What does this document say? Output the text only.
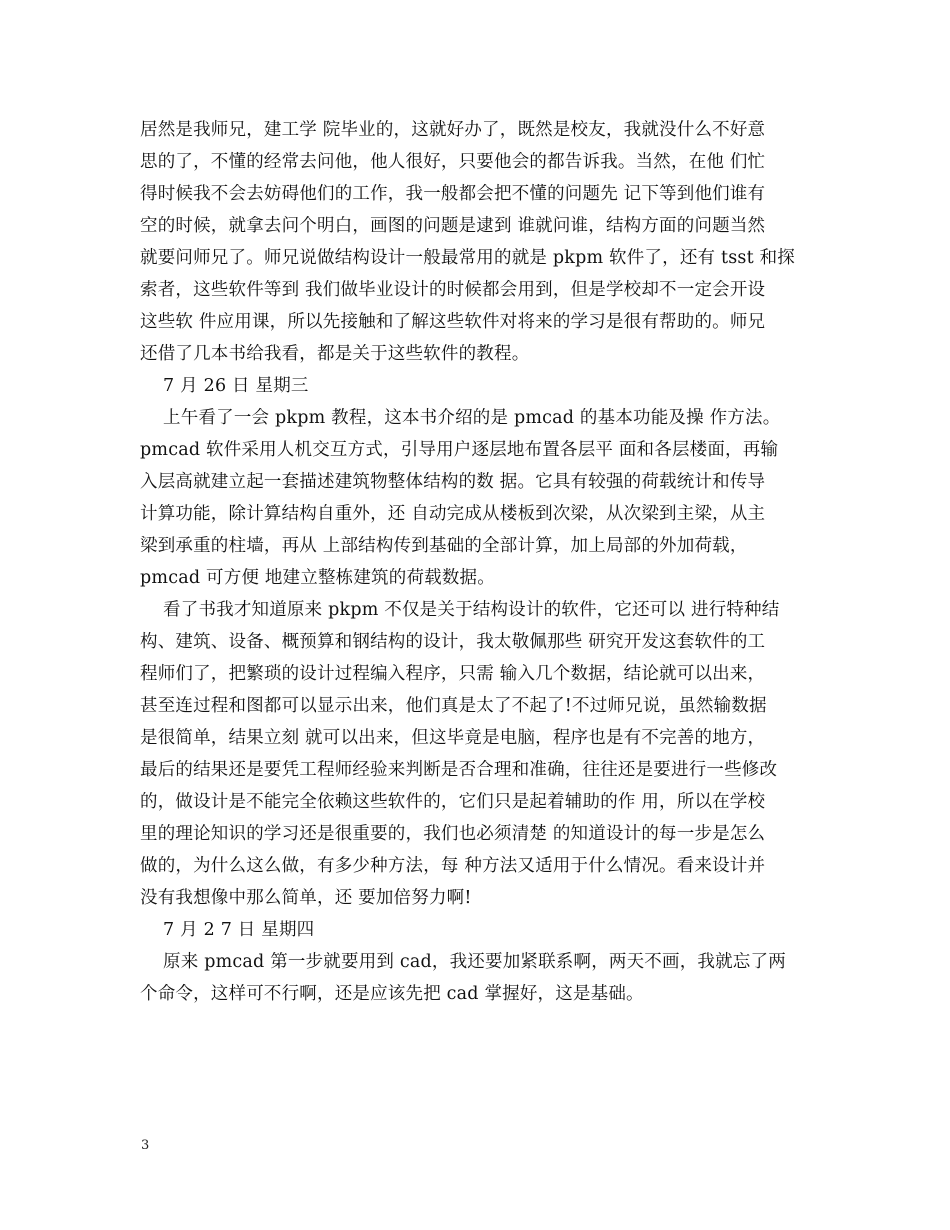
居然是我师兄，建工学 院毕业的，这就好办了，既然是校友，我就没什么不好意
思的了，不懂的经常去问他，他人很好，只要他会的都告诉我。当然，在他 们忙
得时候我不会去妨碍他们的工作，我一般都会把不懂的问题先 记下等到他们谁有
空的时候，就拿去问个明白，画图的问题是逮到 谁就问谁，结构方面的问题当然
就要问师兄了。师兄说做结构设计一般最常用的就是 pkpm 软件了，还有 tsst 和探
索者，这些软件等到 我们做毕业设计的时候都会用到，但是学校却不一定会开设
这些软 件应用课，所以先接触和了解这些软件对将来的学习是很有帮助的。师兄
还借了几本书给我看，都是关于这些软件的教程。
7 月 26 日 星期三
上午看了一会 pkpm 教程，这本书介绍的是 pmcad 的基本功能及操 作方法。
pmcad 软件采用人机交互方式，引导用户逐层地布置各层平 面和各层楼面，再输
入层高就建立起一套描述建筑物整体结构的数 据。它具有较强的荷载统计和传导
计算功能，除计算结构自重外，还 自动完成从楼板到次梁，从次梁到主梁，从主
梁到承重的柱墙，再从 上部结构传到基础的全部计算，加上局部的外加荷载，
pmcad 可方便 地建立整栋建筑的荷载数据。
看了书我才知道原来 pkpm 不仅是关于结构设计的软件，它还可以 进行特种结
构、建筑、设备、概预算和钢结构的设计，我太敬佩那些 研究开发这套软件的工
程师们了，把繁琐的设计过程编入程序，只需 输入几个数据，结论就可以出来，
甚至连过程和图都可以显示出来，他们真是太了不起了!不过师兄说，虽然输数据
是很简单，结果立刻 就可以出来，但这毕竟是电脑，程序也是有不完善的地方，
最后的结果还是要凭工程师经验来判断是否合理和准确，往往还是要进行一些修改
的，做设计是不能完全依赖这些软件的，它们只是起着辅助的作 用，所以在学校
里的理论知识的学习还是很重要的，我们也必须清楚 的知道设计的每一步是怎么
做的，为什么这么做，有多少种方法，每 种方法又适用于什么情况。看来设计并
没有我想像中那么简单，还 要加倍努力啊!
7 月 2 7 日 星期四
原来 pmcad 第一步就要用到 cad，我还要加紧联系啊，两天不画，我就忘了两
个命令，这样可不行啊，还是应该先把 cad 掌握好，这是基础。
3
